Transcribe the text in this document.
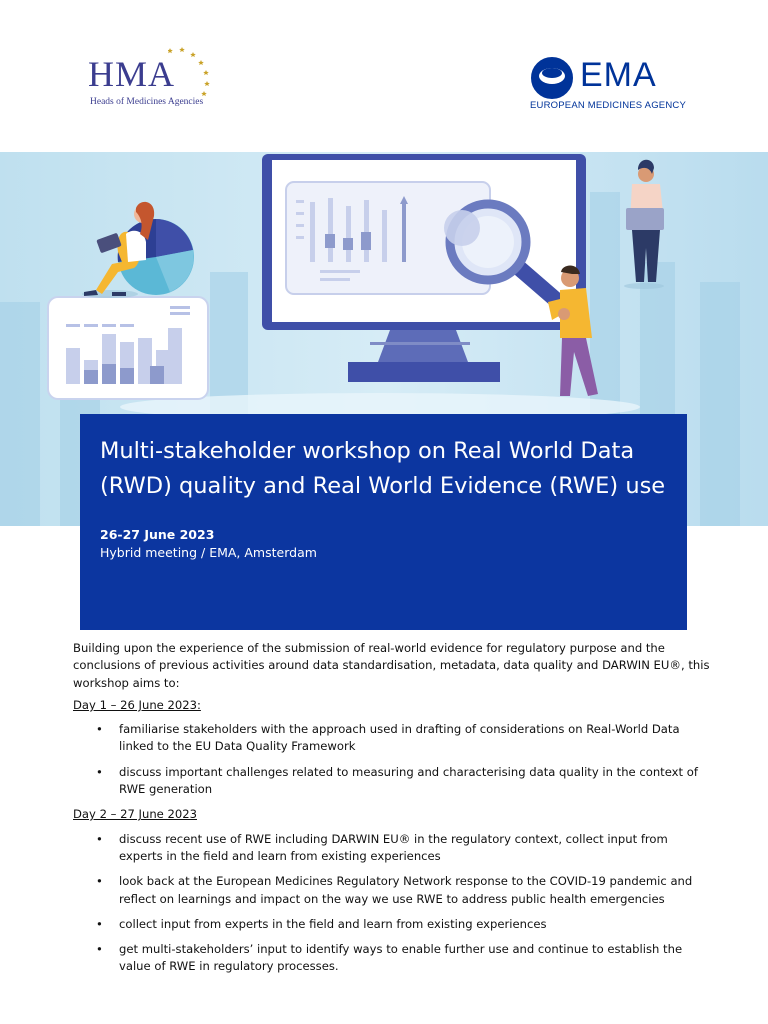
HMA
Heads of Medicines Agencies
EMA
EUROPEAN MEDICINES AGENCY
Multi-stakeholder workshop on Real World Data (RWD) quality and Real World Evidence (RWE) use
26-27 June 2023
Hybrid meeting / EMA, Amsterdam

Building upon the experience of the submission of real-world evidence for regulatory purpose and the conclusions of previous activities around data standardisation, metadata, data quality and DARWIN EU®, this workshop aims to:

Day 1 – 26 June 2023:
• familiarise stakeholders with the approach used in drafting of considerations on Real-World Data linked to the EU Data Quality Framework
• discuss important challenges related to measuring and characterising data quality in the context of RWE generation
Day 2 – 27 June 2023
• discuss recent use of RWE including DARWIN EU® in the regulatory context, collect input from experts in the field and learn from existing experiences
• look back at the European Medicines Regulatory Network response to the COVID-19 pandemic and reflect on learnings and impact on the way we use RWE to address public health emergencies
• collect input from experts in the field and learn from existing experiences
• get multi-stakeholders’ input to identify ways to enable further use and continue to establish the value of RWE in regulatory processes.
